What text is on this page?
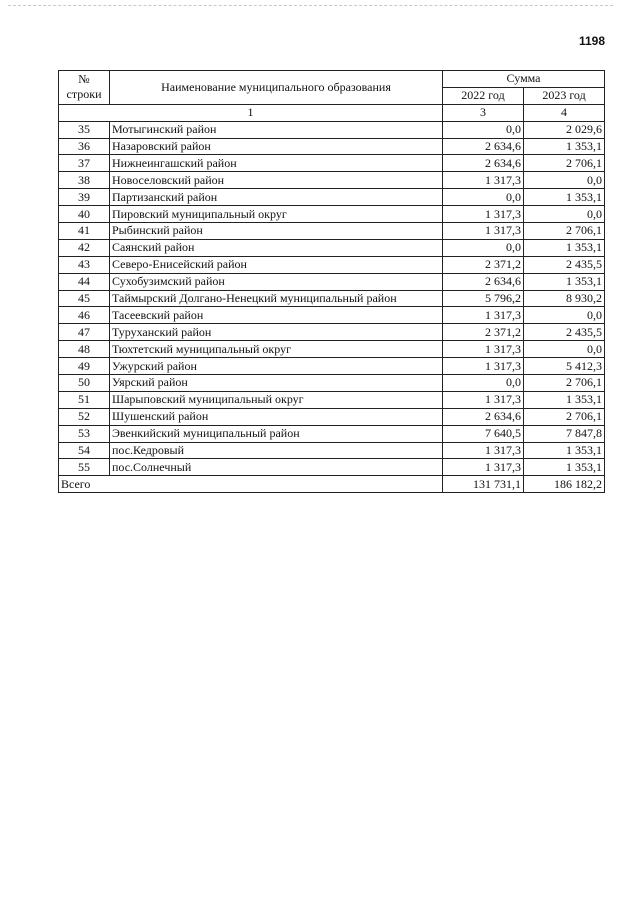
1198
№
строки	Наименование муниципального образования	Сумма	
		2022 год	2023 год
1		3	4
35	Мотыгинский район	0,0	2 029,6
36	Назаровский район	2 634,6	1 353,1
37	Нижнеингашский район	2 634,6	2 706,1
38	Новоселовский район	1 317,3	0,0
39	Партизанский район	0,0	1 353,1
40	Пировский муниципальный округ	1 317,3	0,0
41	Рыбинский район	1 317,3	2 706,1
42	Саянский район	0,0	1 353,1
43	Северо-Енисейский район	2 371,2	2 435,5
44	Сухобузимский район	2 634,6	1 353,1
45	Таймырский Долгано-Ненецкий муниципальный район	5 796,2	8 930,2
46	Тасеевский район	1 317,3	0,0
47	Туруханский район	2 371,2	2 435,5
48	Тюхтетский муниципальный округ	1 317,3	0,0
49	Ужурский район	1 317,3	5 412,3
50	Уярский район	0,0	2 706,1
51	Шарыповский муниципальный округ	1 317,3	1 353,1
52	Шушенский район	2 634,6	2 706,1
53	Эвенкийский муниципальный район	7 640,5	7 847,8
54	пос.Кедровый	1 317,3	1 353,1
55	пос.Солнечный	1 317,3	1 353,1
Всего		131 731,1	186 182,2
